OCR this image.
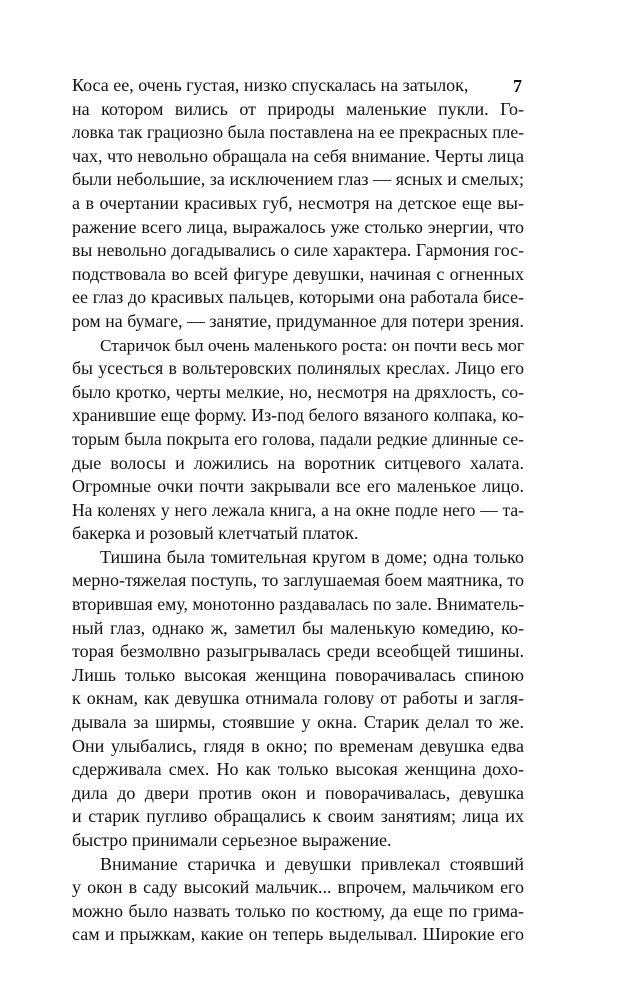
7
Коса ее, очень густая, низко спускалась на затылок,
на котором вились от природы маленькие пукли. Го-
ловка так грациозно была поставлена на ее прекрасных пле-
чах, что невольно обращала на себя внимание. Черты лица
были небольшие, за исключением глаз — ясных и смелых;
а в очертании красивых губ, несмотря на детское еще вы-
ражение всего лица, выражалось уже столько энергии, что
вы невольно догадывались о силе характера. Гармония гос-
подствовала во всей фигуре девушки, начиная с огненных
ее глаз до красивых пальцев, которыми она работала бисе-
ром на бумаге, — занятие, придуманное для потери зрения.
Старичок был очень маленького роста: он почти весь мог
бы усесться в вольтеровских полинялых креслах. Лицо его
было кротко, черты мелкие, но, несмотря на дряхлость, со-
хранившие еще форму. Из-под белого вязаного колпака, ко-
торым была покрыта его голова, падали редкие длинные се-
дые волосы и ложились на воротник ситцевого халата.
Огромные очки почти закрывали все его маленькое лицо.
На коленях у него лежала книга, а на окне подле него — та-
бакерка и розовый клетчатый платок.
Тишина была томительная кругом в доме; одна только
мерно-тяжелая поступь, то заглушаемая боем маятника, то
вторившая ему, монотонно раздавалась по зале. Вниматель-
ный глаз, однако ж, заметил бы маленькую комедию, ко-
торая безмолвно разыгрывалась среди всеобщей тишины.
Лишь только высокая женщина поворачивалась спиною
к окнам, как девушка отнимала голову от работы и загля-
дывала за ширмы, стоявшие у окна. Старик делал то же.
Они улыбались, глядя в окно; по временам девушка едва
сдерживала смех. Но как только высокая женщина дохо-
дила до двери против окон и поворачивалась, девушка
и старик пугливо обращались к своим занятиям; лица их
быстро принимали серьезное выражение.
Внимание старичка и девушки привлекал стоявший
у окон в саду высокий мальчик... впрочем, мальчиком его
можно было назвать только по костюму, да еще по грима-
сам и прыжкам, какие он теперь выделывал. Широкие его
